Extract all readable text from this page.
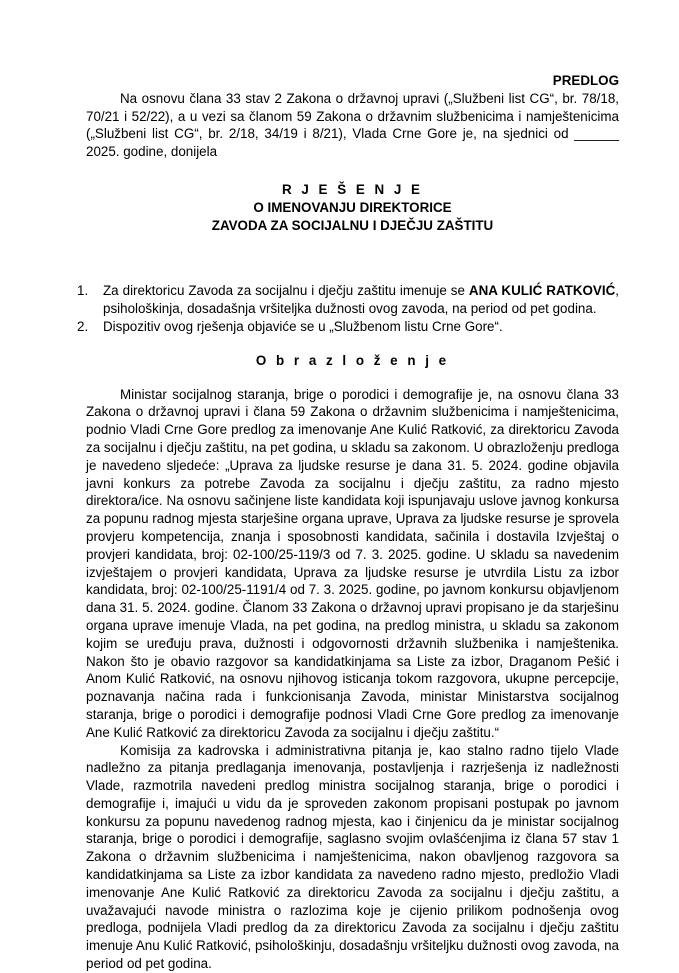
PREDLOG

Na osnovu člana 33 stav 2 Zakona o državnoj upravi („Službeni list CG“, br. 78/18, 70/21 i 52/22), a u vezi sa članom 59 Zakona o državnim službenicima i namještenicima („Službeni list CG“, br. 2/18, 34/19 i 8/21), Vlada Crne Gore je, na sjednici od ______ 2025. godine, donijela

R J E Š E N J E
O IMENOVANJU DIREKTORICE
ZAVODA ZA SOCIJALNU I DJEČJU ZAŠTITU
1. Za direktoricu Zavoda za socijalnu i dječju zaštitu imenuje se ANA KULIĆ RATKOVIĆ, psihološkinja, dosadašnja vršiteljka dužnosti ovog zavoda, na period od pet godina.
2. Dispozitiv ovog rješenja objaviće se u „Službenom listu Crne Gore“.
O b r a z l o ž e n j e

Ministar socijalnog staranja, brige o porodici i demografije je, na osnovu člana 33 Zakona o državnoj upravi i člana 59 Zakona o državnim službenicima i namještenicima, podnio Vladi Crne Gore predlog za imenovanje Ane Kulić Ratković, za direktoricu Zavoda za socijalnu i dječju zaštitu, na pet godina, u skladu sa zakonom. U obrazloženju predloga je navedeno sljedeće: „Uprava za ljudske resurse je dana 31. 5. 2024. godine objavila javni konkurs za potrebe Zavoda za socijalnu i dječju zaštitu, za radno mjesto direktora/ice. Na osnovu sačinjene liste kandidata koji ispunjavaju uslove javnog konkursa za popunu radnog mjesta starješine organa uprave, Uprava za ljudske resurse je sprovela provjeru kompetencija, znanja i sposobnosti kandidata, sačinila i dostavila Izvještaj o provjeri kandidata, broj: 02-100/25-119/3 od 7. 3. 2025. godine. U skladu sa navedenim izvještajem o provjeri kandidata, Uprava za ljudske resurse je utvrdila Listu za izbor kandidata, broj: 02-100/25-1191/4 od 7. 3. 2025. godine, po javnom konkursu objavljenom dana 31. 5. 2024. godine. Članom 33 Zakona o državnoj upravi propisano je da starješinu organa uprave imenuje Vlada, na pet godina, na predlog ministra, u skladu sa zakonom kojim se uređuju prava, dužnosti i odgovornosti državnih službenika i namještenika. Nakon što je obavio razgovor sa kandidatkinjama sa Liste za izbor, Draganom Pešić i Anom Kulić Ratković, na osnovu njihovog isticanja tokom razgovora, ukupne percepcije, poznavanja načina rada i funkcionisanja Zavoda, ministar Ministarstva socijalnog staranja, brige o porodici i demografije podnosi Vladi Crne Gore predlog za imenovanje Ane Kulić Ratković za direktoricu Zavoda za socijalnu i dječju zaštitu.“

Komisija za kadrovska i administrativna pitanja je, kao stalno radno tijelo Vlade nadležno za pitanja predlaganja imenovanja, postavljenja i razrješenja iz nadležnosti Vlade, razmotrila navedeni predlog ministra socijalnog staranja, brige o porodici i demografije i, imajući u vidu da je sproveden zakonom propisani postupak po javnom konkursu za popunu navedenog radnog mjesta, kao i činjenicu da je ministar socijalnog staranja, brige o porodici i demografije, saglasno svojim ovlašćenjima iz člana 57 stav 1 Zakona o državnim službenicima i namještenicima, nakon obavljenog razgovora sa kandidatkinjama sa Liste za izbor kandidata za navedeno radno mjesto, predložio Vladi imenovanje Ane Kulić Ratković za direktoricu Zavoda za socijalnu i dječju zaštitu, a uvažavajući navode ministra o razlozima koje je cijenio prilikom podnošenja ovog predloga, podnijela Vladi predlog da za direktoricu Zavoda za socijalnu i dječju zaštitu imenuje Anu Kulić Ratković, psihološkinju, dosadašnju vršiteljku dužnosti ovog zavoda, na period od pet godina.
